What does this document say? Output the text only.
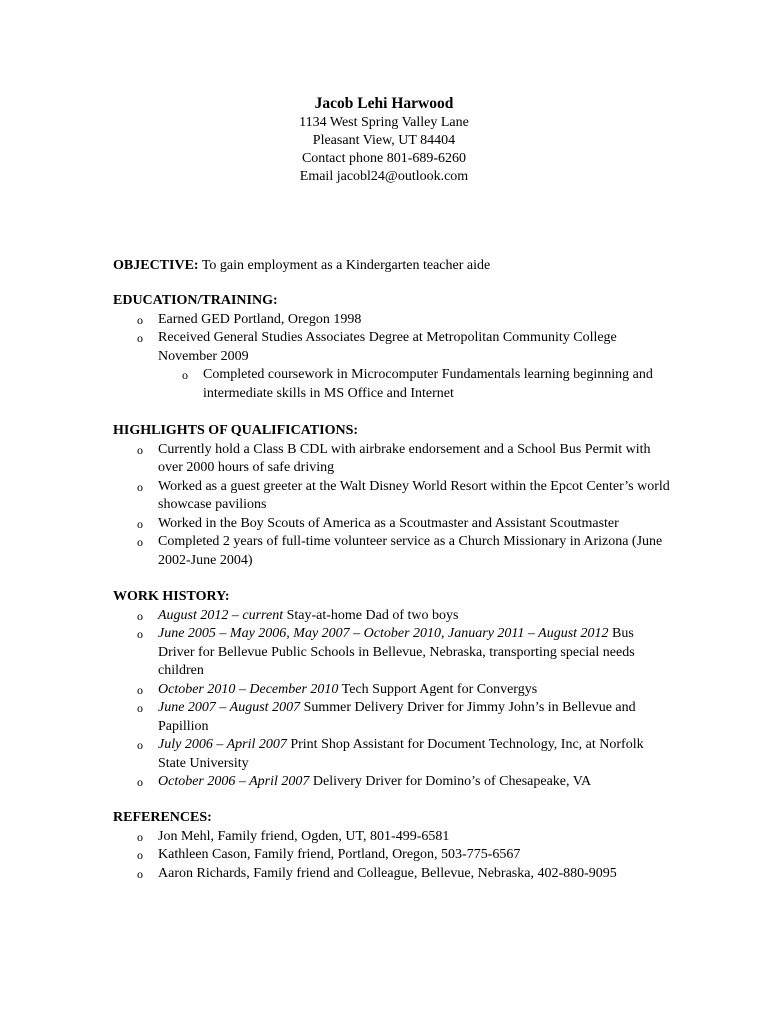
Jacob Lehi Harwood
1134 West Spring Valley Lane
Pleasant View, UT 84404
Contact phone 801-689-6260
Email jacobl24@outlook.com
OBJECTIVE: To gain employment as a Kindergarten teacher aide
EDUCATION/TRAINING:
o Earned GED Portland, Oregon 1998
o Received General Studies Associates Degree at Metropolitan Community College November 2009
o Completed coursework in Microcomputer Fundamentals learning beginning and intermediate skills in MS Office and Internet
HIGHLIGHTS OF QUALIFICATIONS:
o Currently hold a Class B CDL with airbrake endorsement and a School Bus Permit with over 2000 hours of safe driving
o Worked as a guest greeter at the Walt Disney World Resort within the Epcot Center’s world showcase pavilions
o Worked in the Boy Scouts of America as a Scoutmaster and Assistant Scoutmaster
o Completed 2 years of full-time volunteer service as a Church Missionary in Arizona (June 2002-June 2004)
WORK HISTORY:
o August 2012 – current Stay-at-home Dad of two boys
o June 2005 – May 2006, May 2007 – October 2010, January 2011 – August 2012 Bus Driver for Bellevue Public Schools in Bellevue, Nebraska, transporting special needs children
o October 2010 – December 2010 Tech Support Agent for Convergys
o June 2007 – August 2007 Summer Delivery Driver for Jimmy John’s in Bellevue and Papillion
o July 2006 – April 2007 Print Shop Assistant for Document Technology, Inc, at Norfolk State University
o October 2006 – April 2007 Delivery Driver for Domino’s of Chesapeake, VA
REFERENCES:
o Jon Mehl, Family friend, Ogden, UT, 801-499-6581
o Kathleen Cason, Family friend, Portland, Oregon, 503-775-6567
o Aaron Richards, Family friend and Colleague, Bellevue, Nebraska, 402-880-9095
